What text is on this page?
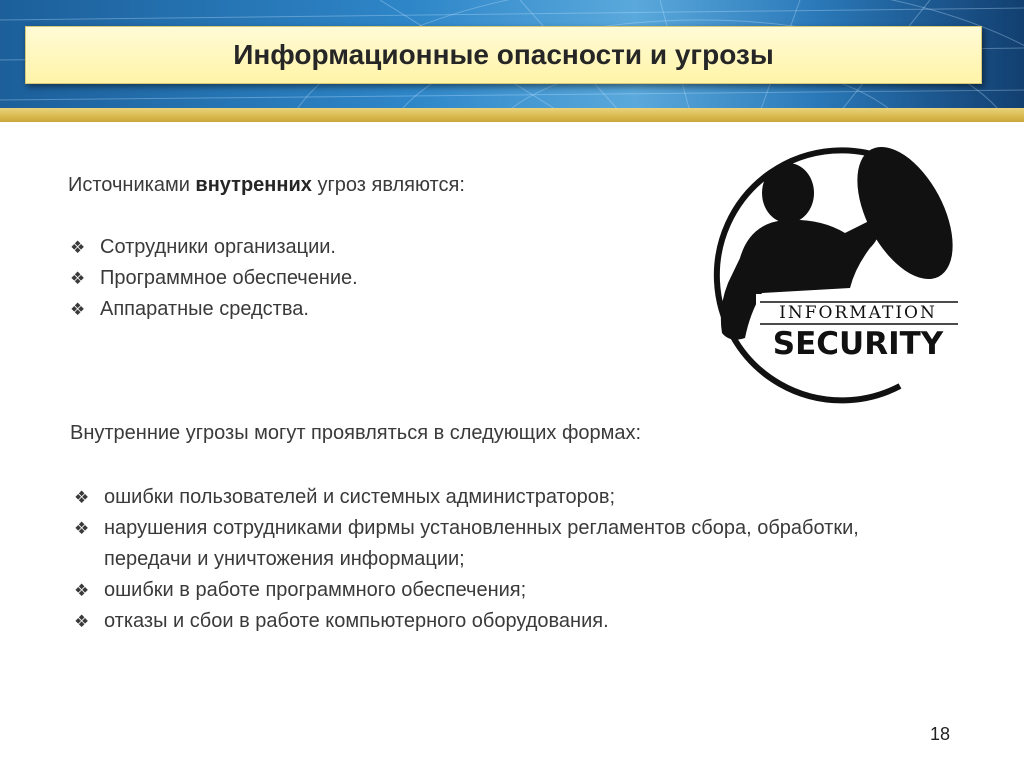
Информационные опасности и угрозы
Источниками внутренних угроз являются:
❖ Сотрудники организации.
❖ Программное обеспечение.
❖ Аппаратные средства.	INFORMATION
SECURITY
Внутренние угрозы могут проявляться в следующих формах:
❖ ошибки пользователей и системных администраторов;
❖ нарушения сотрудниками фирмы установленных регламентов сбора, обработки, передачи и уничтожения информации;
❖ ошибки в работе программного обеспечения;
❖ отказы и сбои в работе компьютерного оборудования.
18
